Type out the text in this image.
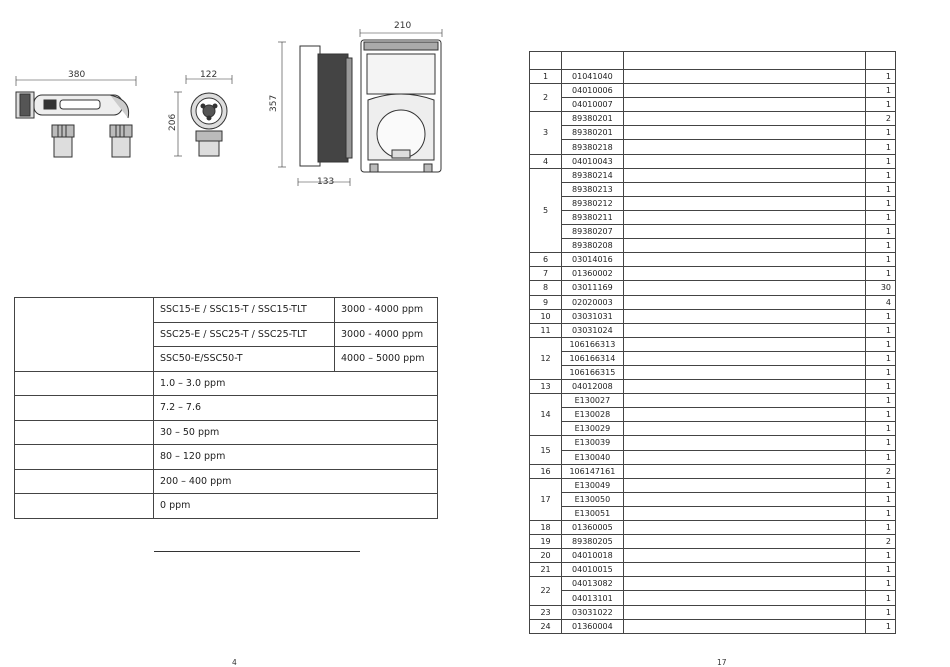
380	122
206
357
133
210
	SSC15-E / SSC15-T / SSC15-TLT	3000 - 4000 ppm
	SSC25-E / SSC25-T / SSC25-TLT	3000 - 4000 ppm
	SSC50-E/SSC50-T	4000 – 5000 ppm
	1.0 – 3.0 ppm	
	7.2 – 7.6	
	30 – 50 ppm	
	80 – 120 ppm	
	200 – 400 ppm	
	0 ppm	
4

1	01041040		1
2	04010006		1
	04010007		1
3	89380201		2
	89380201		1
	89380218		1
4	04010043		1
5	89380214		1
	89380213		1
	89380212		1
	89380211		1
	89380207		1
	89380208		1
6	03014016		1
7	01360002		1
8	03011169		30
9	02020003		4
10	03031031		1
11	03031024		1
12	106166313		1
	106166314		1
	106166315		1
13	04012008		1
14	E130027		1
	E130028		1
	E130029		1
15	E130039		1
	E130040		1
16	106147161		2
17	E130049		1
	E130050		1
	E130051		1
18	01360005		1
19	89380205		2
20	04010018		1
21	04010015		1
22	04013082		1
	04013101		1
23	03031022		1
24	01360004		1
17
